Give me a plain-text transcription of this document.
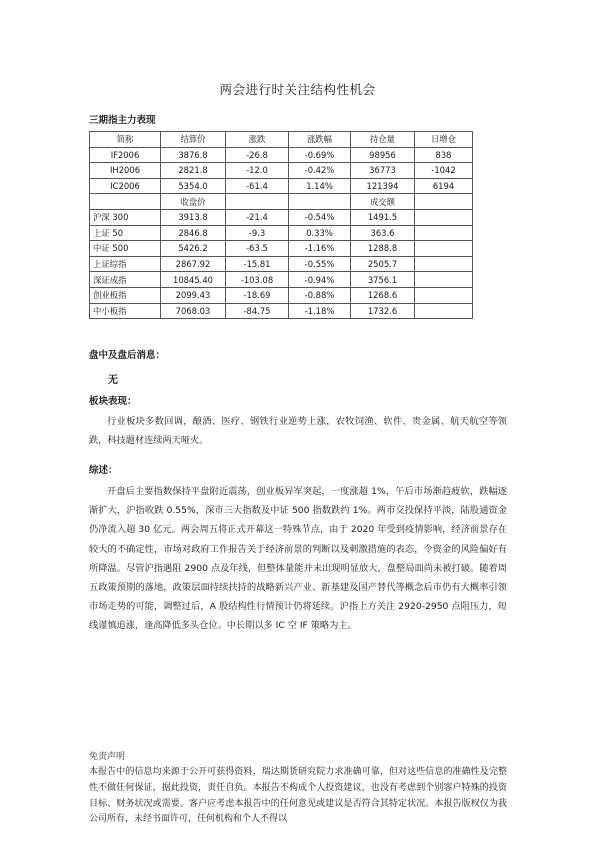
两会进行时关注结构性机会
三期指主力表现
简称	结算价	涨跌	涨跌幅	持仓量	日增仓
IF2006	3876.8	-26.8	-0.69%	98956	838
IH2006	2821.8	-12.0	-0.42%	36773	-1042
IC2006	5354.0	-61.4	1.14%	121394	6194
	收盘价			成交额	
沪深 300	3913.8	-21.4	-0.54%	1491.5	
上证 50	2846.8	-9.3	0.33%	363.6	
中证 500	5426.2	-63.5	-1.16%	1288.8	
上证综指	2867.92	-15.81	-0.55%	2505.7	
深证成指	10845.40	-103.08	-0.94%	3756.1	
创业板指	2099.43	-18.69	-0.88%	1268.6	
中小板指	7068.03	-84.75	-1.18%	1732.6	
盘中及盘后消息：
无
板块表现：

行业板块多数回调，酿酒、医疗、钢铁行业逆势上涨，农牧饲渔、软件、贵金属、航天航空等领跌，科技题材连续两天哑火。

综述：

开盘后主要指数保持平盘附近震荡，创业板异军突起，一度涨超 1%，午后市场渐趋疲软，跌幅逐渐扩大，沪指收跌 0.55%，深市三大指数及中证 500 指数跌约 1%。两市交投保持平淡，陆股通资金仍净流入超 30 亿元。两会周五将正式开幕这一特殊节点，由于 2020 年受到疫情影响，经济前景存在较大的不确定性，市场对政府工作报告关于经济前景的判断以及刺激措施的表态，令资金的风险偏好有所降温。尽管沪指遇阻 2900 点及年线，但整体量能并未出现明显放大，盘整局面尚未被打破。随着周五政策预期的落地，政策层面持续扶持的战略新兴产业、新基建及国产替代等概念后市仍有大概率引领市场走势的可能，调整过后，A 股结构性行情预计仍将延续。沪指上方关注 2920-2950 点阻压力，短线谨慎追涨，逢高降低多头仓位。中长期以多 IC 空 IF 策略为主。

免责声明

本报告中的信息均来源于公开可获得资料，瑞达期货研究院力求准确可靠，但对这些信息的准确性及完整性不做任何保证，据此投资，责任自负。本报告不构成个人投资建议，也没有考虑到个别客户特殊的投资目标、财务状况或需要。客户应考虑本报告中的任何意见或建议是否符合其特定状况。本报告版权仅为我公司所有，未经书面许可，任何机构和个人不得以
